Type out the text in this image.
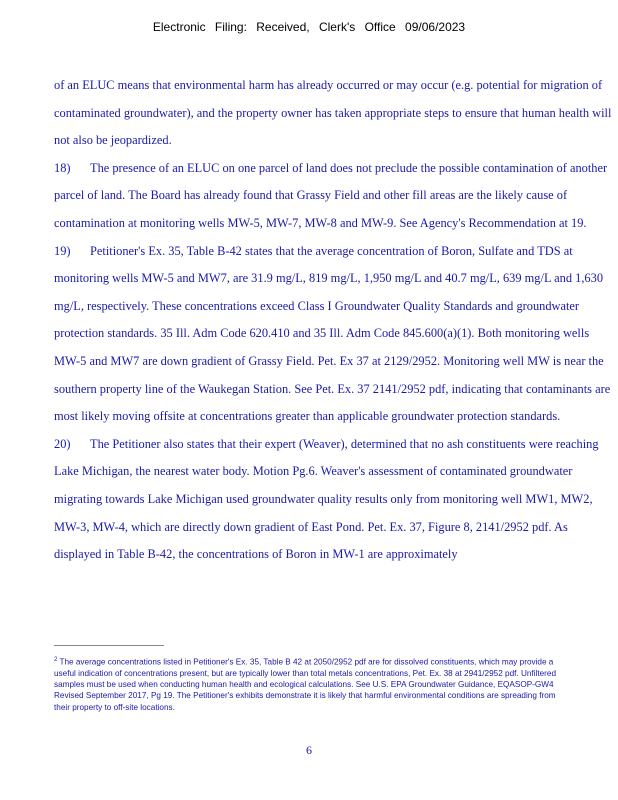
Electronic Filing: Received, Clerk's Office 09/06/2023

of an ELUC means that environmental harm has already occurred or may occur (e.g. potential for migration of contaminated groundwater), and the property owner has taken appropriate steps to ensure that human health will not also be jeopardized.

18) The presence of an ELUC on one parcel of land does not preclude the possible contamination of another parcel of land. The Board has already found that Grassy Field and other fill areas are the likely cause of contamination at monitoring wells MW-5, MW-7, MW-8 and MW-9. See Agency's Recommendation at 19.

19) Petitioner's Ex. 35, Table B-42 states that the average concentration of Boron, Sulfate and TDS at monitoring wells MW-5 and MW7, are 31.9 mg/L, 819 mg/L, 1,950 mg/L and 40.7 mg/L, 639 mg/L and 1,630 mg/L, respectively. These concentrations exceed Class I Groundwater Quality Standards and groundwater protection standards. 35 Ill. Adm Code 620.410 and 35 Ill. Adm Code 845.600(a)(1). Both monitoring wells MW-5 and MW7 are down gradient of Grassy Field. Pet. Ex 37 at 2129/2952. Monitoring well MW is near the southern property line of the Waukegan Station. See Pet. Ex. 37 2141/2952 pdf, indicating that contaminants are most likely moving offsite at concentrations greater than applicable groundwater protection standards.

20) The Petitioner also states that their expert (Weaver), determined that no ash constituents were reaching Lake Michigan, the nearest water body. Motion Pg.6. Weaver's assessment of contaminated groundwater migrating towards Lake Michigan used groundwater quality results only from monitoring well MW1, MW2, MW-3, MW-4, which are directly down gradient of East Pond. Pet. Ex. 37, Figure 8, 2141/2952 pdf. As displayed in Table B-42, the concentrations of Boron in MW-1 are approximately

$^2$ The average concentrations listed in Petitioner's Ex. 35, Table B 42 at 2050/2952 pdf are for dissolved constituents, which may provide a useful indication of concentrations present, but are typically lower than total metals concentrations, Pet. Ex. 38 at 2941/2952 pdf. Unfiltered samples must be used when conducting human health and ecological calculations. See U.S. EPA Groundwater Guidance, EQASOP-GW4 Revised September 2017, Pg 19. The Petitioner's exhibits demonstrate it is likely that harmful environmental conditions are spreading from their property to off-site locations.
6
